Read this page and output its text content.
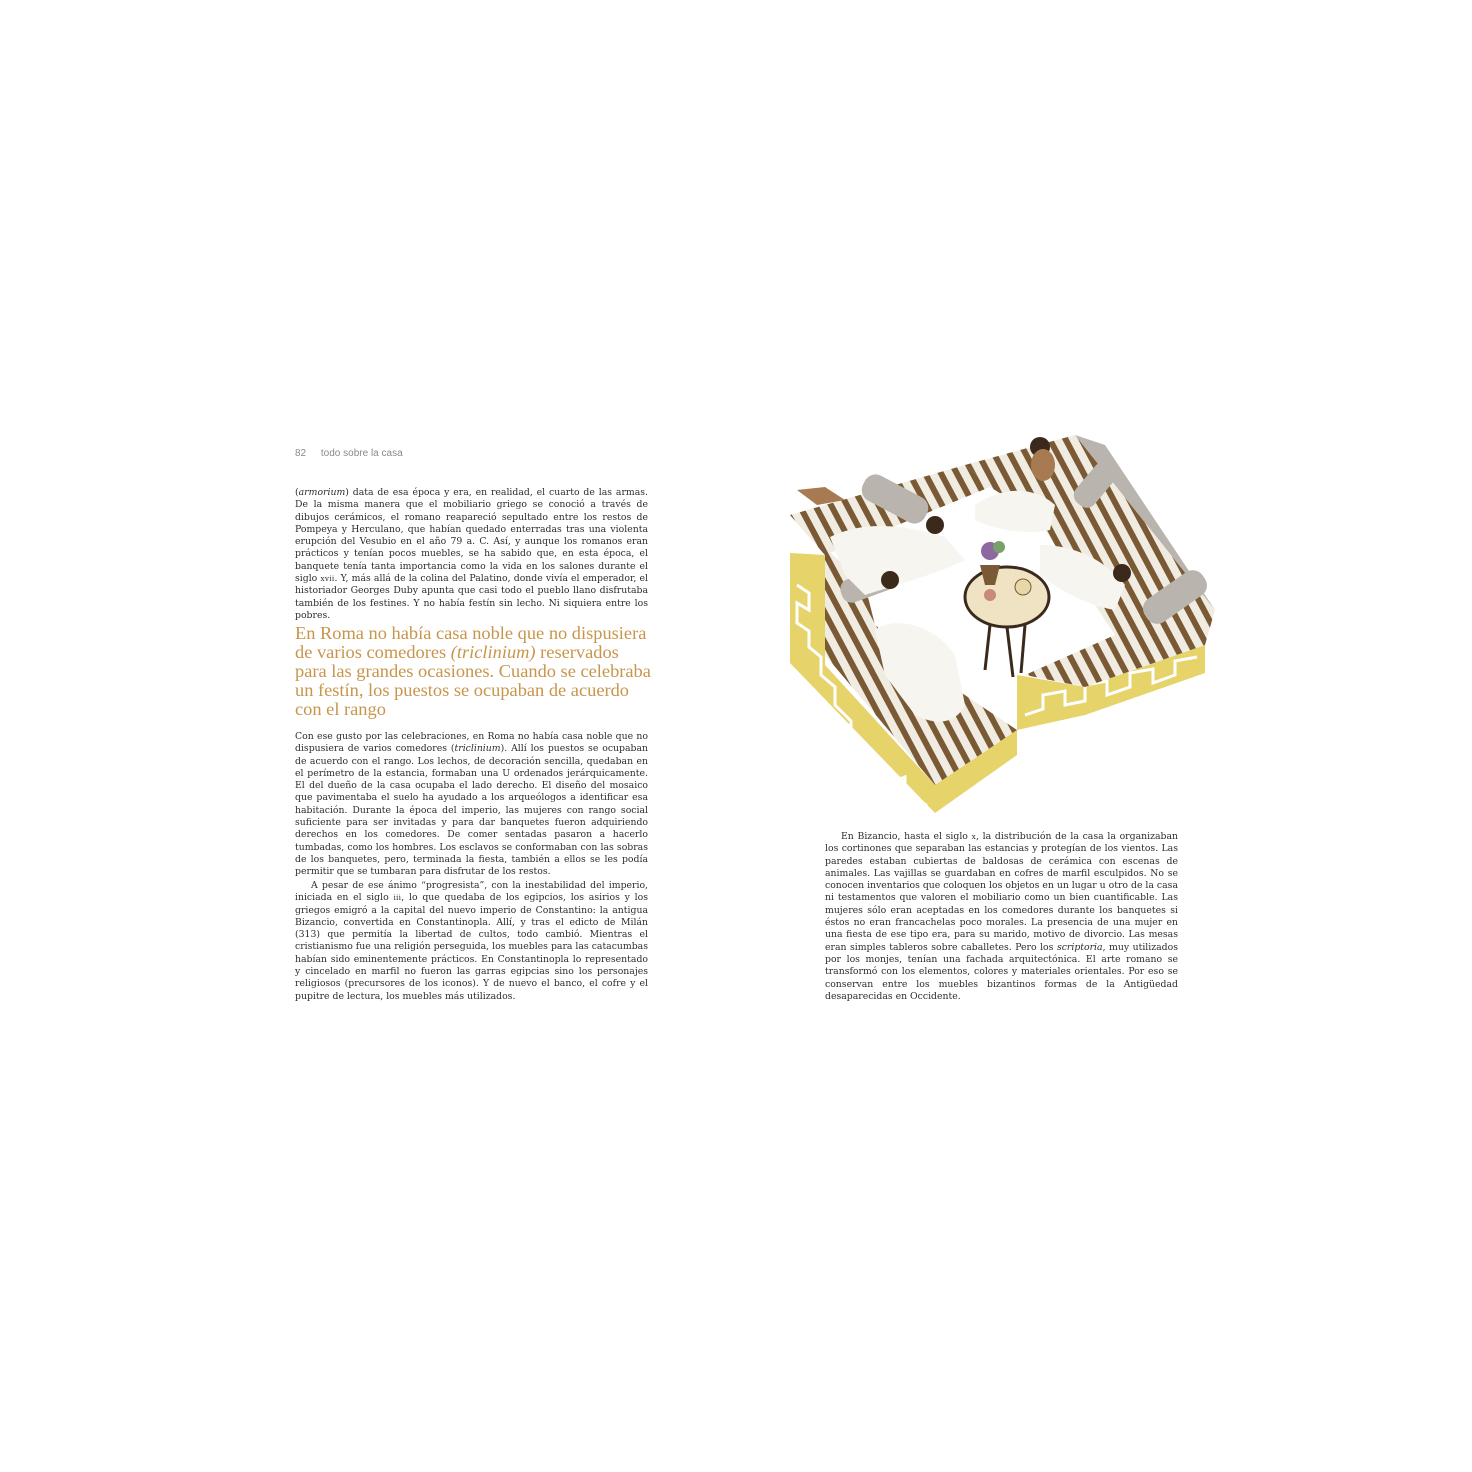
82 todo sobre la casa

(armorium) data de esa época y era, en realidad, el cuarto de las armas. De la misma manera que el mobiliario griego se conoció a través de dibujos cerámicos, el romano reapareció sepultado entre los restos de Pompeya y Herculano, que habían quedado enterradas tras una violenta erupción del Vesubio en el año 79 a. C. Así, y aunque los romanos eran prácticos y tenían pocos muebles, se ha sabido que, en esta época, el banquete tenía tanta importancia como la vida en los salones durante el siglo xvii. Y, más allá de la colina del Palatino, donde vivía el emperador, el historiador Georges Duby apunta que casi todo el pueblo llano disfrutaba también de los festines. Y no había festín sin lecho. Ni siquiera entre los pobres.

En Roma no había casa noble que no dispusiera de varios comedores (triclinium) reservados para las grandes ocasiones. Cuando se celebraba un festín, los puestos se ocupaban de acuerdo con el rango

Con ese gusto por las celebraciones, en Roma no había casa noble que no dispusiera de varios comedores (triclinium). Allí los puestos se ocupaban de acuerdo con el rango. Los lechos, de decoración sencilla, quedaban en el perímetro de la estancia, formaban una U ordenados jerárquicamente. El del dueño de la casa ocupaba el lado derecho. El diseño del mosaico que pavimentaba el suelo ha ayudado a los arqueólogos a identificar esa habitación. Durante la época del imperio, las mujeres con rango social suficiente para ser invitadas y para dar banquetes fueron adquiriendo derechos en los comedores. De comer sentadas pasaron a hacerlo tumbadas, como los hombres. Los esclavos se conformaban con las sobras de los banquetes, pero, terminada la fiesta, también a ellos se les podía permitir que se tumbaran para disfrutar de los restos.

A pesar de ese ánimo “progresista”, con la inestabilidad del imperio, iniciada en el siglo iii, lo que quedaba de los egipcios, los asirios y los griegos emigró a la capital del nuevo imperio de Constantino: la antigua Bizancio, convertida en Constantinopla. Allí, y tras el edicto de Milán (313) que permitía la libertad de cultos, todo cambió. Mientras el cristianismo fue una religión perseguida, los muebles para las catacumbas habían sido eminentemente prácticos. En Constantinopla lo representado y cincelado en marfil no fueron las garras egipcias sino los personajes religiosos (precursores de los iconos). Y de nuevo el banco, el cofre y el pupitre de lectura, los muebles más utilizados.

En Bizancio, hasta el siglo x, la distribución de la casa la organizaban los cortinones que separaban las estancias y protegían de los vientos. Las paredes estaban cubiertas de baldosas de cerámica con escenas de animales. Las vajillas se guardaban en cofres de marfil esculpidos. No se conocen inventarios que coloquen los objetos en un lugar u otro de la casa ni testamentos que valoren el mobiliario como un bien cuantificable. Las mujeres sólo eran aceptadas en los comedores durante los banquetes si éstos no eran francachelas poco morales. La presencia de una mujer en una fiesta de ese tipo era, para su marido, motivo de divorcio. Las mesas eran simples tableros sobre caballetes. Pero los scriptoria, muy utilizados por los monjes, tenían una fachada arquitectónica. El arte romano se transformó con los elementos, colores y materiales orientales. Por eso se conservan entre los muebles bizantinos formas de la Antigüedad desaparecidas en Occidente.
